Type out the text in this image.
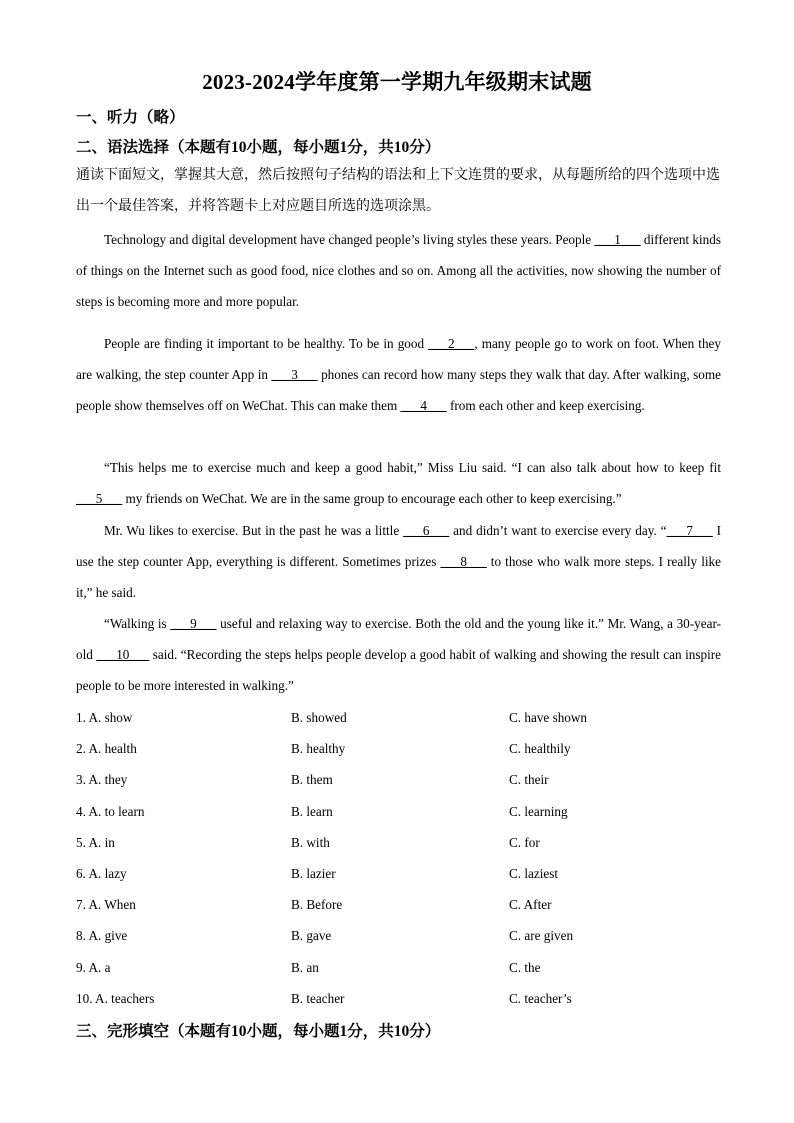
2023-2024学年度第一学期九年级期末试题
一、听力（略）
二、语法选择（本题有10小题，每小题1分，共10分）
通读下面短文，掌握其大意，然后按照句子结构的语法和上下文连贯的要求，从每题所给的四个选项中选出一个最佳答案，并将答题卡上对应题目所选的选项涂黑。
Technology and digital development have changed people’s living styles these years. People ___1___ different kinds of things on the Internet such as good food, nice clothes and so on. Among all the activities, now showing the number of steps is becoming more and more popular.
People are finding it important to be healthy. To be in good ___2___, many people go to work on foot. When they are walking, the step counter App in ___3___ phones can record how many steps they walk that day. After walking, some people show themselves off on WeChat. This can make them ___4___ from each other and keep exercising.
“This helps me to exercise much and keep a good habit,” Miss Liu said. “I can also talk about how to keep fit ___5___ my friends on WeChat. We are in the same group to encourage each other to keep exercising.”
Mr. Wu likes to exercise. But in the past he was a little ___6___ and didn’t want to exercise every day. “___7___ I use the step counter App, everything is different. Sometimes prizes ___8___ to those who walk more steps. I really like it,” he said.
“Walking is ___9___ useful and relaxing way to exercise. Both the old and the young like it.” Mr. Wang, a 30-year-old ___10___ said. “Recording the steps helps people develop a good habit of walking and showing the result can inspire people to be more interested in walking.”
1. A. show	B. showed	C. have shown
2. A. health	B. healthy	C. healthily
3. A. they	B. them	C. their
4. A. to learn	B. learn	C. learning
5. A. in	B. with	C. for
6. A. lazy	B. lazier	C. laziest
7. A. When	B. Before	C. After
8. A. give	B. gave	C. are given
9. A. a	B. an	C. the
10. A. teachers	B. teacher	C. teacher’s
三、完形填空（本题有10小题，每小题1分，共10分）
